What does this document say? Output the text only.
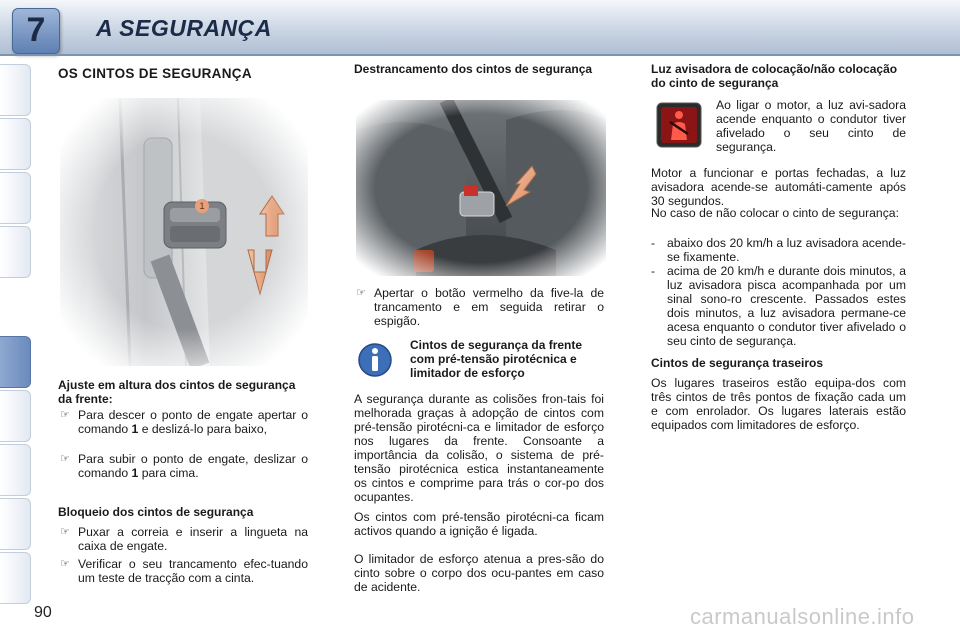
7	A SEGURANÇA
OS CINTOS DE SEGURANÇA
Ajuste em altura dos cintos de segurança da frente:
☞ Para descer o ponto de engate apertar o comando 1 e deslizá-lo para baixo,
☞ Para subir o ponto de engate, deslizar o comando 1 para cima.
Bloqueio dos cintos de segurança
☞ Puxar a correia e inserir a lingueta na caixa de engate.
☞ Verificar o seu trancamento efec-tuando um teste de tracção com a cinta.
Destrancamento dos cintos de segurança
☞ Apertar o botão vermelho da five-la de trancamento e em seguida retirar o espigão.
Cintos de segurança da frente com pré-tensão pirotécnica e limitador de esforço
A segurança durante as colisões fron-tais foi melhorada graças à adopção de cintos com pré-tensão pirotécni-ca e limitador de esforço nos lugares da frente. Consoante a importância da colisão, o sistema de pré-tensão pirotécnica estica instantaneamente os cintos e comprime para trás o cor-po dos ocupantes.
Os cintos com pré-tensão pirotécni-ca ficam activos quando a ignição é ligada.
O limitador de esforço atenua a pres-são do cinto sobre o corpo dos ocu-pantes em caso de acidente.
Luz avisadora de colocação/não colocação do cinto de segurança
Ao ligar o motor, a luz avi-sadora acende enquanto o condutor tiver afivelado o seu cinto de segurança.
Motor a funcionar e portas fechadas, a luz avisadora acende-se automáti-camente após 30 segundos.
No caso de não colocar o cinto de segurança:
- abaixo dos 20 km/h a luz avisadora acende-se fixamente.
- acima de 20 km/h e durante dois minutos, a luz avisadora pisca acompanhada por um sinal sono-ro crescente. Passados estes dois minutos, a luz avisadora permane-ce acesa enquanto o condutor tiver afivelado o seu cinto de segurança.
Cintos de segurança traseiros
Os lugares traseiros estão equipa-dos com três cintos de três pontos de fixação cada um e com enrolador. Os lugares laterais estão equipados com limitadores de esforço.
90	carmanualsonline.info
